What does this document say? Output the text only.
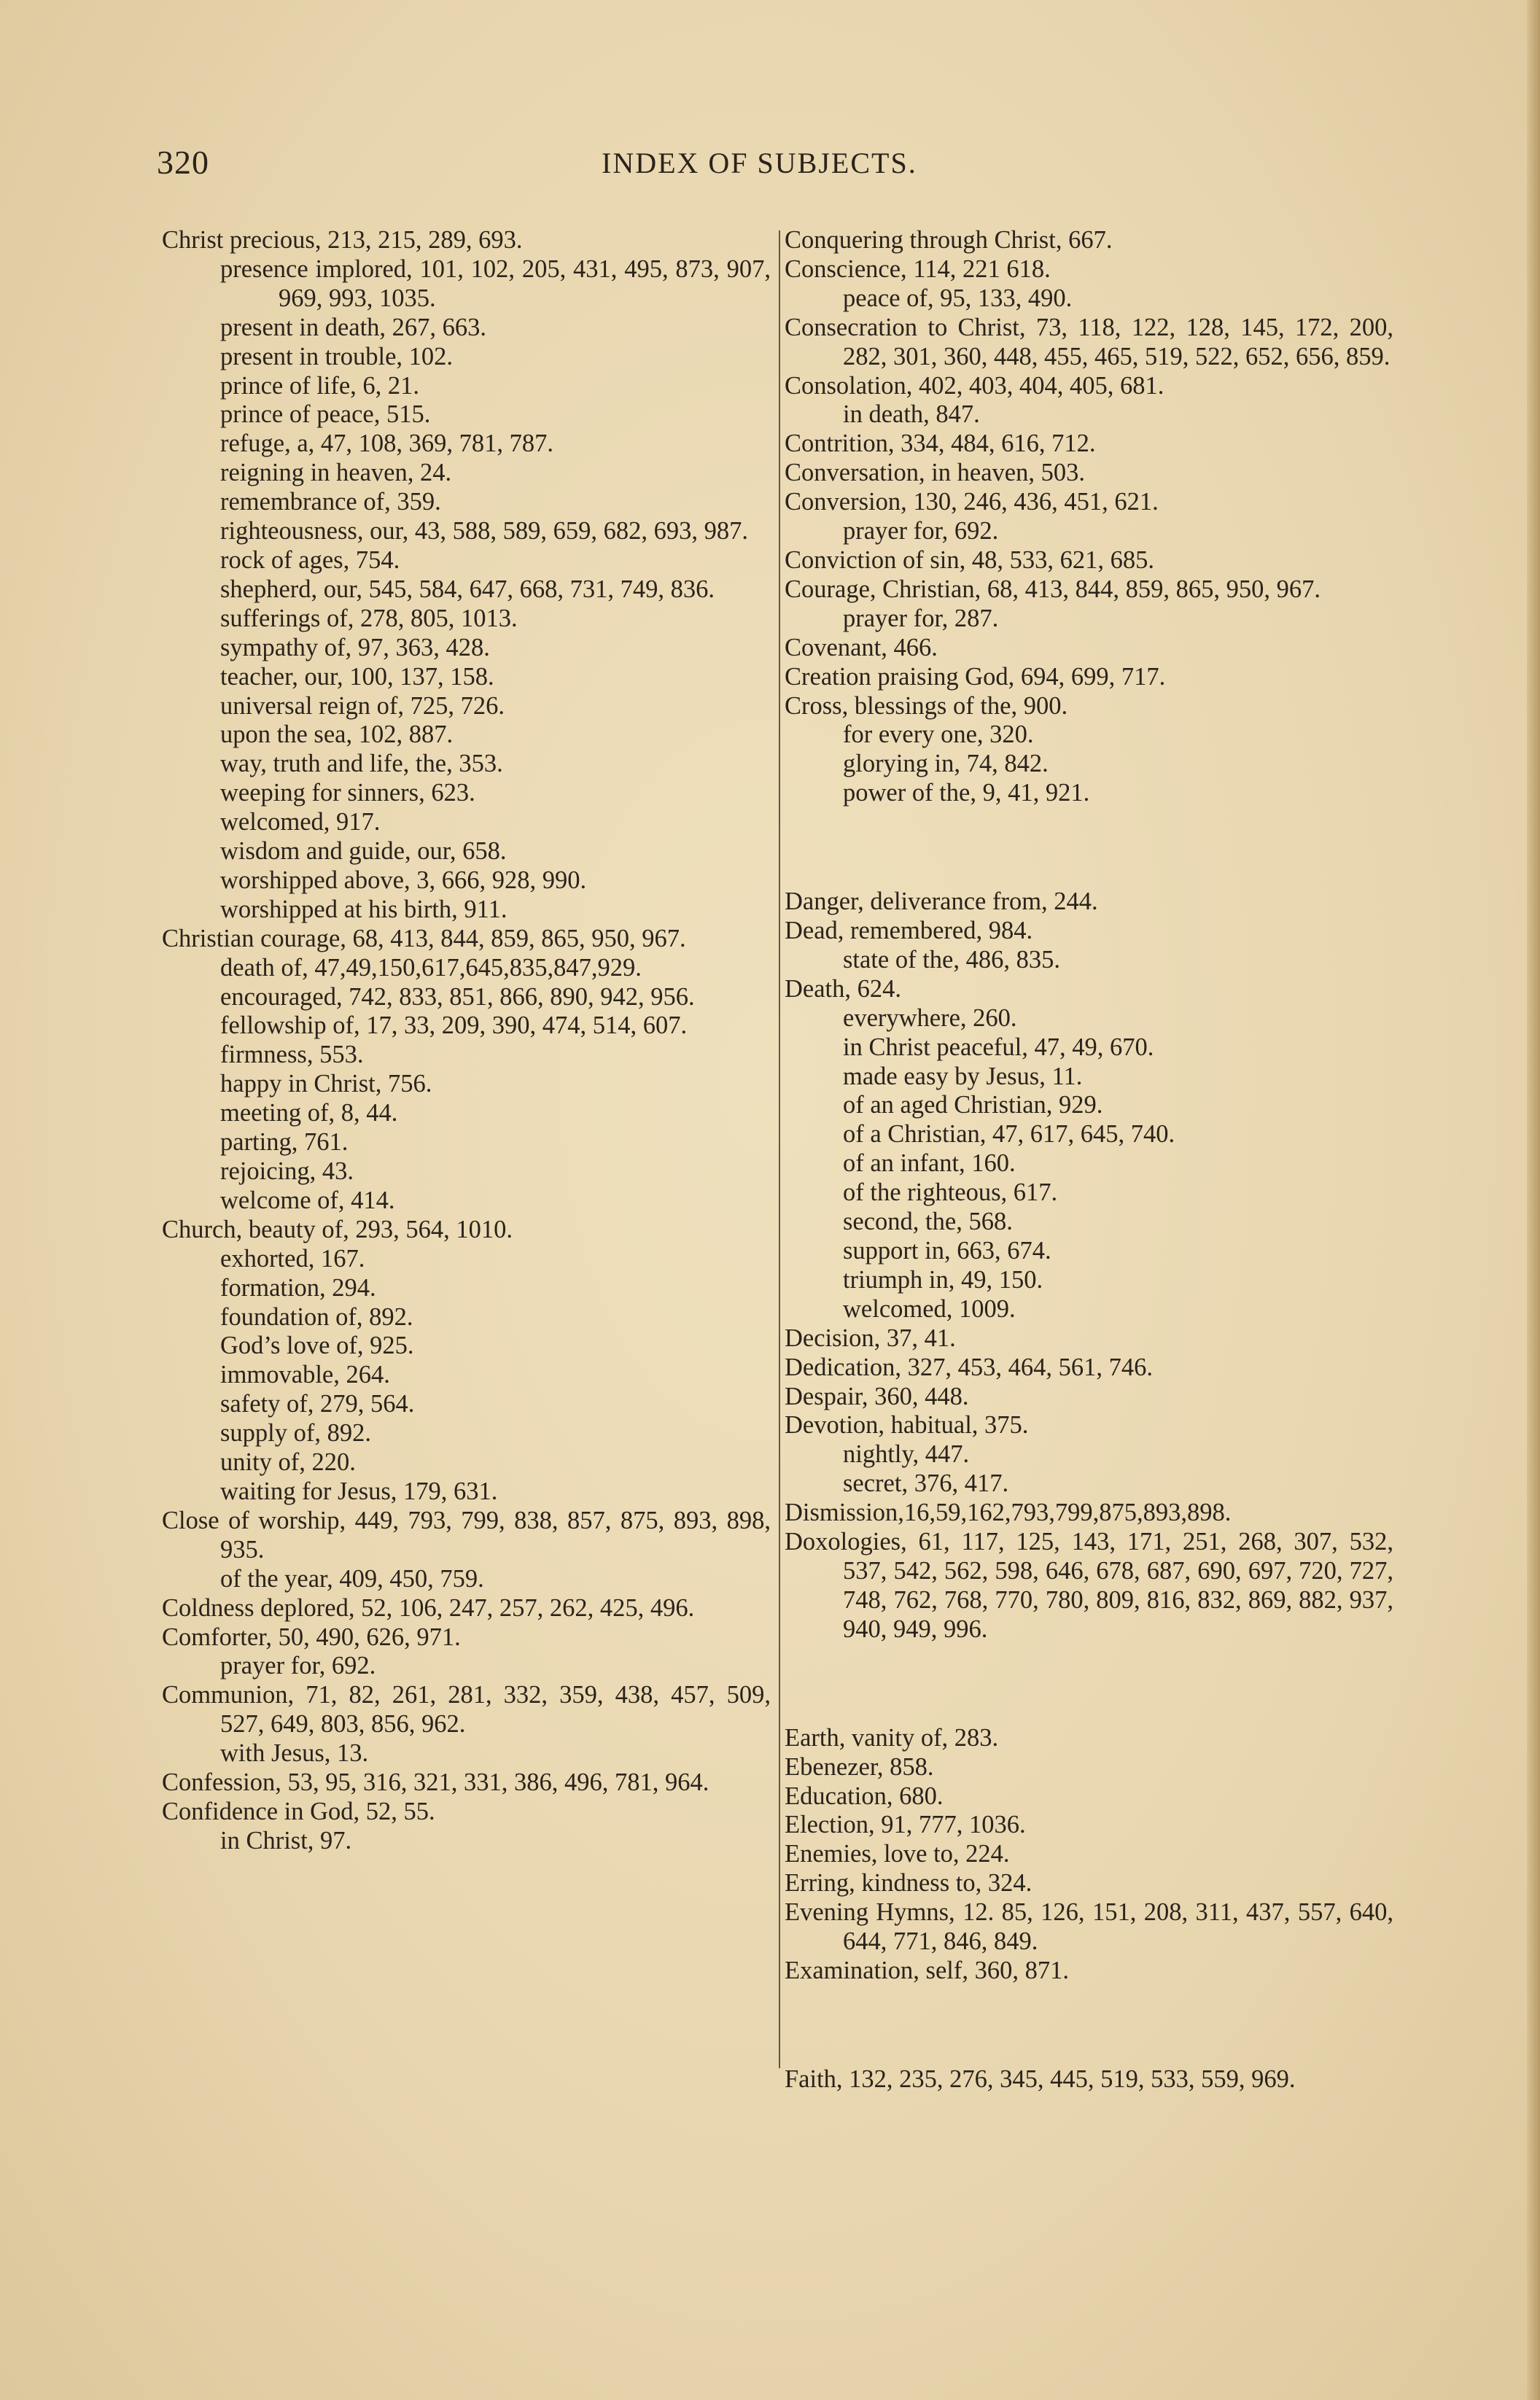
320	INDEX OF SUBJECTS.

Christ precious, 213, 215, 289, 693.

presence implored, 101, 102, 205, 431, 495, 873, 907, 969, 993, 1035.

present in death, 267, 663.

present in trouble, 102.

prince of life, 6, 21.

prince of peace, 515.

refuge, a, 47, 108, 369, 781, 787.

reigning in heaven, 24.

remembrance of, 359.

righteousness, our, 43, 588, 589, 659, 682, 693, 987.

rock of ages, 754.

shepherd, our, 545, 584, 647, 668, 731, 749, 836.

sufferings of, 278, 805, 1013.

sympathy of, 97, 363, 428.

teacher, our, 100, 137, 158.

universal reign of, 725, 726.

upon the sea, 102, 887.

way, truth and life, the, 353.

weeping for sinners, 623.

welcomed, 917.

wisdom and guide, our, 658.

worshipped above, 3, 666, 928, 990.

worshipped at his birth, 911.

Christian courage, 68, 413, 844, 859, 865, 950, 967.

death of, 47,49,150,617,645,835,847,929.

encouraged, 742, 833, 851, 866, 890, 942, 956.

fellowship of, 17, 33, 209, 390, 474, 514, 607.

firmness, 553.

happy in Christ, 756.

meeting of, 8, 44.

parting, 761.

rejoicing, 43.

welcome of, 414.

Church, beauty of, 293, 564, 1010.

exhorted, 167.

formation, 294.

foundation of, 892.

God’s love of, 925.

immovable, 264.

safety of, 279, 564.

supply of, 892.

unity of, 220.

waiting for Jesus, 179, 631.

Close of worship, 449, 793, 799, 838, 857, 875, 893, 898, 935.

of the year, 409, 450, 759.

Coldness deplored, 52, 106, 247, 257, 262, 425, 496.

Comforter, 50, 490, 626, 971.

prayer for, 692.

Communion, 71, 82, 261, 281, 332, 359, 438, 457, 509, 527, 649, 803, 856, 962.

with Jesus, 13.

Confession, 53, 95, 316, 321, 331, 386, 496, 781, 964.

Confidence in God, 52, 55.

in Christ, 97.

Conquering through Christ, 667.

Conscience, 114, 221 618.

peace of, 95, 133, 490.

Consecration to Christ, 73, 118, 122, 128, 145, 172, 200, 282, 301, 360, 448, 455, 465, 519, 522, 652, 656, 859.

Consolation, 402, 403, 404, 405, 681.

in death, 847.

Contrition, 334, 484, 616, 712.

Conversation, in heaven, 503.

Conversion, 130, 246, 436, 451, 621.

prayer for, 692.

Conviction of sin, 48, 533, 621, 685.

Courage, Christian, 68, 413, 844, 859, 865, 950, 967.

prayer for, 287.

Covenant, 466.

Creation praising God, 694, 699, 717.

Cross, blessings of the, 900.

for every one, 320.

glorying in, 74, 842.

power of the, 9, 41, 921.

Danger, deliverance from, 244.

Dead, remembered, 984.

state of the, 486, 835.

Death, 624.

everywhere, 260.

in Christ peaceful, 47, 49, 670.

made easy by Jesus, 11.

of an aged Christian, 929.

of a Christian, 47, 617, 645, 740.

of an infant, 160.

of the righteous, 617.

second, the, 568.

support in, 663, 674.

triumph in, 49, 150.

welcomed, 1009.

Decision, 37, 41.

Dedication, 327, 453, 464, 561, 746.

Despair, 360, 448.

Devotion, habitual, 375.

nightly, 447.

secret, 376, 417.

Dismission,16,59,162,793,799,875,893,898.

Doxologies, 61, 117, 125, 143, 171, 251, 268, 307, 532, 537, 542, 562, 598, 646, 678, 687, 690, 697, 720, 727, 748, 762, 768, 770, 780, 809, 816, 832, 869, 882, 937, 940, 949, 996.

Earth, vanity of, 283.

Ebenezer, 858.

Education, 680.

Election, 91, 777, 1036.

Enemies, love to, 224.

Erring, kindness to, 324.

Evening Hymns, 12. 85, 126, 151, 208, 311, 437, 557, 640, 644, 771, 846, 849.

Examination, self, 360, 871.

Faith, 132, 235, 276, 345, 445, 519, 533, 559, 969.
